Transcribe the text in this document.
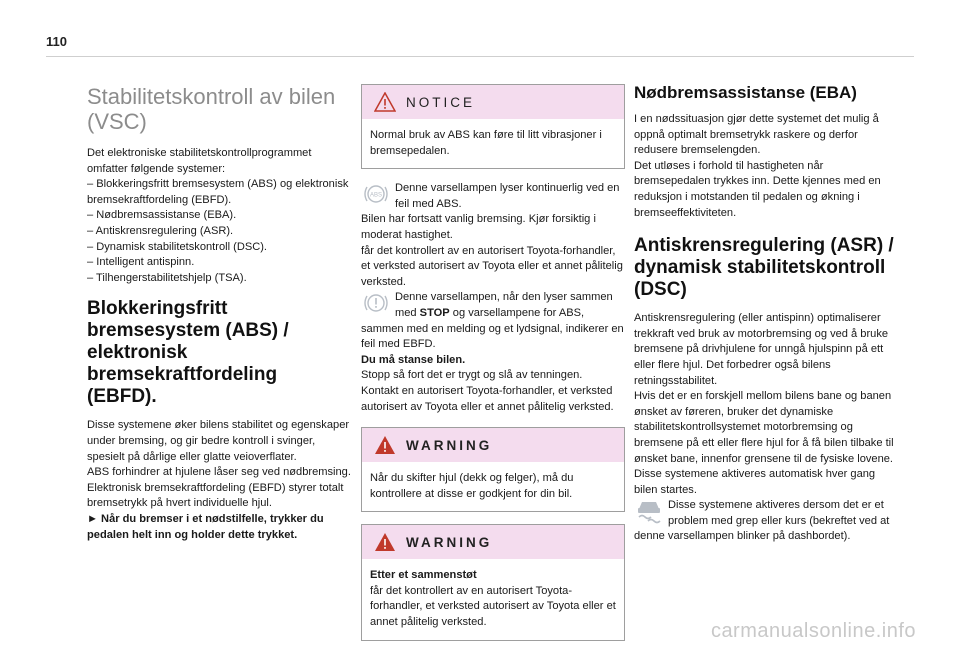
110
Stabilitetskontroll av bilen (VSC)

Det elektroniske stabilitetskontrollprogrammet omfatter følgende systemer:

– Blokkeringsfritt bremsesystem (ABS) og elektronisk bremsekraftfordeling (EBFD).

– Nødbremsassistanse (EBA).

– Antiskrensregulering (ASR).

– Dynamisk stabilitetskontroll (DSC).

– Intelligent antispinn.

– Tilhengerstabilitetshjelp (TSA).

Blokkeringsfritt bremsesystem (ABS) / elektronisk bremsekraftfordeling (EBFD).

Disse systemene øker bilens stabilitet og egenskaper under bremsing, og gir bedre kontroll i svinger, spesielt på dårlige eller glatte veioverflater.

ABS forhindrer at hjulene låser seg ved nødbremsing.

Elektronisk bremsekraftfordeling (EBFD) styrer totalt bremsetrykk på hvert individuelle hjul.

► Når du bremser i et nødstilfelle, trykker du pedalen helt inn og holder dette trykket.

NOTICE

Normal bruk av ABS kan føre til litt vibrasjoner i bremsepedalen.

ABS

Denne varsellampen lyser kontinuerlig ved en feil med ABS.

Bilen har fortsatt vanlig bremsing. Kjør forsiktig i moderat hastighet.

får det kontrollert av en autorisert Toyota-forhandler, et verksted autorisert av Toyota eller et annet pålitelig verksted.

Denne varsellampen, når den lyser sammen med STOP og varsellampene for ABS, sammen med en melding og et lydsignal, indikerer en feil med EBFD.

Du må stanse bilen.

Stopp så fort det er trygt og slå av tenningen.

Kontakt en autorisert Toyota-forhandler, et verksted autorisert av Toyota eller et annet pålitelig verksted.

WARNING

Når du skifter hjul (dekk og felger), må du kontrollere at disse er godkjent for din bil.

WARNING

Etter et sammenstøt

får det kontrollert av en autorisert Toyota-forhandler, et verksted autorisert av Toyota eller et annet pålitelig verksted.

Nødbremsassistanse (EBA)

I en nødssituasjon gjør dette systemet det mulig å oppnå optimalt bremsetrykk raskere og derfor redusere bremselengden.

Det utløses i forhold til hastigheten når bremsepedalen trykkes inn. Dette kjennes med en reduksjon i motstanden til pedalen og økning i bremseeffektiviteten.

Antiskrensregulering (ASR) / dynamisk stabilitetskontroll (DSC)

Antiskrensregulering (eller antispinn) optimaliserer trekkraft ved bruk av motorbremsing og ved å bruke bremsene på drivhjulene for unngå hjulspinn på ett eller flere hjul. Det forbedrer også bilens retningsstabilitet.

Hvis det er en forskjell mellom bilens bane og banen ønsket av føreren, bruker det dynamiske stabilitetskontrollsystemet motorbremsing og bremsene på ett eller flere hjul for å få bilen tilbake til ønsket bane, innenfor grensene til de fysiske lovene.

Disse systemene aktiveres automatisk hver gang bilen startes.

Disse systemene aktiveres dersom det er et problem med grep eller kurs (bekreftet ved at denne varsellampen blinker på dashbordet).

carmanualsonline.info
